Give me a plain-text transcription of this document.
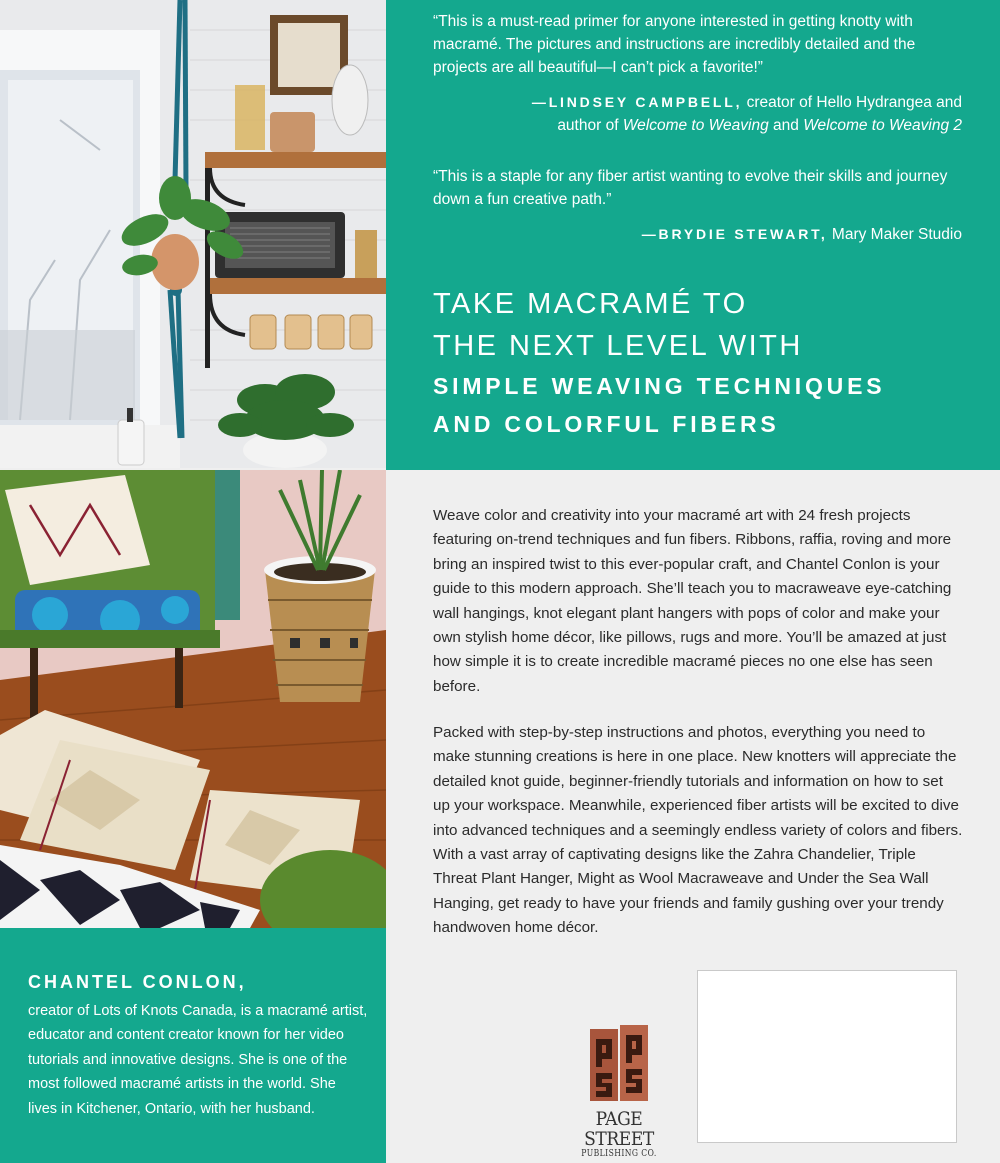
“This is a must-read primer for anyone interested in getting knotty with macramé. The pictures and instructions are incredibly detailed and the projects are all beautiful—I can’t pick a favorite!”

—LINDSEY CAMPBELL, creator of Hello Hydrangea and
author of Welcome to Weaving and Welcome to Weaving 2

“This is a staple for any fiber artist wanting to evolve their skills and journey down a fun creative path.”

—BRYDIE STEWART, Mary Maker Studio
TAKE MACRAMÉ TO
THE NEXT LEVEL WITH
SIMPLE WEAVING TECHNIQUES
AND COLORFUL FIBERS

Weave color and creativity into your macramé art with 24 fresh projects featuring on-trend techniques and fun fibers. Ribbons, raffia, roving and more bring an inspired twist to this ever-popular craft, and Chantel Conlon is your guide to this modern approach. She’ll teach you to macraweave eye-catching wall hangings, knot elegant plant hangers with pops of color and make your own stylish home décor, like pillows, rugs and more. You’ll be amazed at just how simple it is to create incredible macramé pieces no one else has seen before.

Packed with step-by-step instructions and photos, everything you need to make stunning creations is here in one place. New knotters will appreciate the detailed knot guide, beginner-friendly tutorials and information on how to set up your workspace. Meanwhile, experienced fiber artists will be excited to dive into advanced techniques and a seemingly endless variety of colors and fibers. With a vast array of captivating designs like the Zahra Chandelier, Triple Threat Plant Hanger, Might as Wool Macraweave and Under the Sea Wall Hanging, get ready to have your friends and family gushing over your trendy handwoven home décor.

CHANTEL CONLON,

creator of Lots of Knots Canada, is a macramé artist, educator and content creator known for her video tutorials and innovative designs. She is one of the most followed macramé artists in the world. She lives in Kitchener, Ontario, with her husband.	PAGE STREET
PUBLISHING CO.
